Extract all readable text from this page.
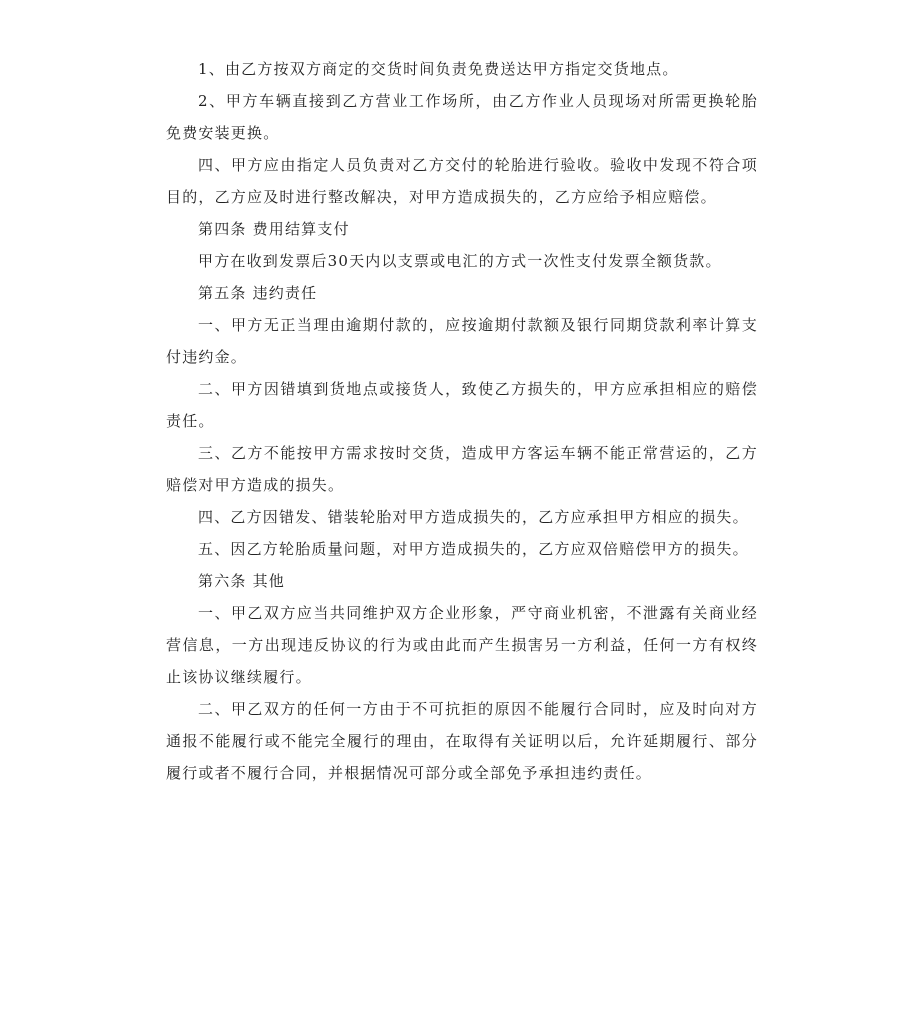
1、由乙方按双方商定的交货时间负责免费送达甲方指定交货地点。

2、甲方车辆直接到乙方营业工作场所，由乙方作业人员现场对所需更换轮胎免费安装更换。

四、甲方应由指定人员负责对乙方交付的轮胎进行验收。验收中发现不符合项目的，乙方应及时进行整改解决，对甲方造成损失的，乙方应给予相应赔偿。

第四条 费用结算支付

甲方在收到发票后30天内以支票或电汇的方式一次性支付发票全额货款。

第五条 违约责任

一、甲方无正当理由逾期付款的，应按逾期付款额及银行同期贷款利率计算支付违约金。

二、甲方因错填到货地点或接货人，致使乙方损失的，甲方应承担相应的赔偿责任。

三、乙方不能按甲方需求按时交货，造成甲方客运车辆不能正常营运的，乙方赔偿对甲方造成的损失。

四、乙方因错发、错装轮胎对甲方造成损失的，乙方应承担甲方相应的损失。

五、因乙方轮胎质量问题，对甲方造成损失的，乙方应双倍赔偿甲方的损失。

第六条 其他

一、甲乙双方应当共同维护双方企业形象，严守商业机密，不泄露有关商业经营信息，一方出现违反协议的行为或由此而产生损害另一方利益，任何一方有权终止该协议继续履行。

二、甲乙双方的任何一方由于不可抗拒的原因不能履行合同时，应及时向对方通报不能履行或不能完全履行的理由，在取得有关证明以后，允许延期履行、部分履行或者不履行合同，并根据情况可部分或全部免予承担违约责任。
